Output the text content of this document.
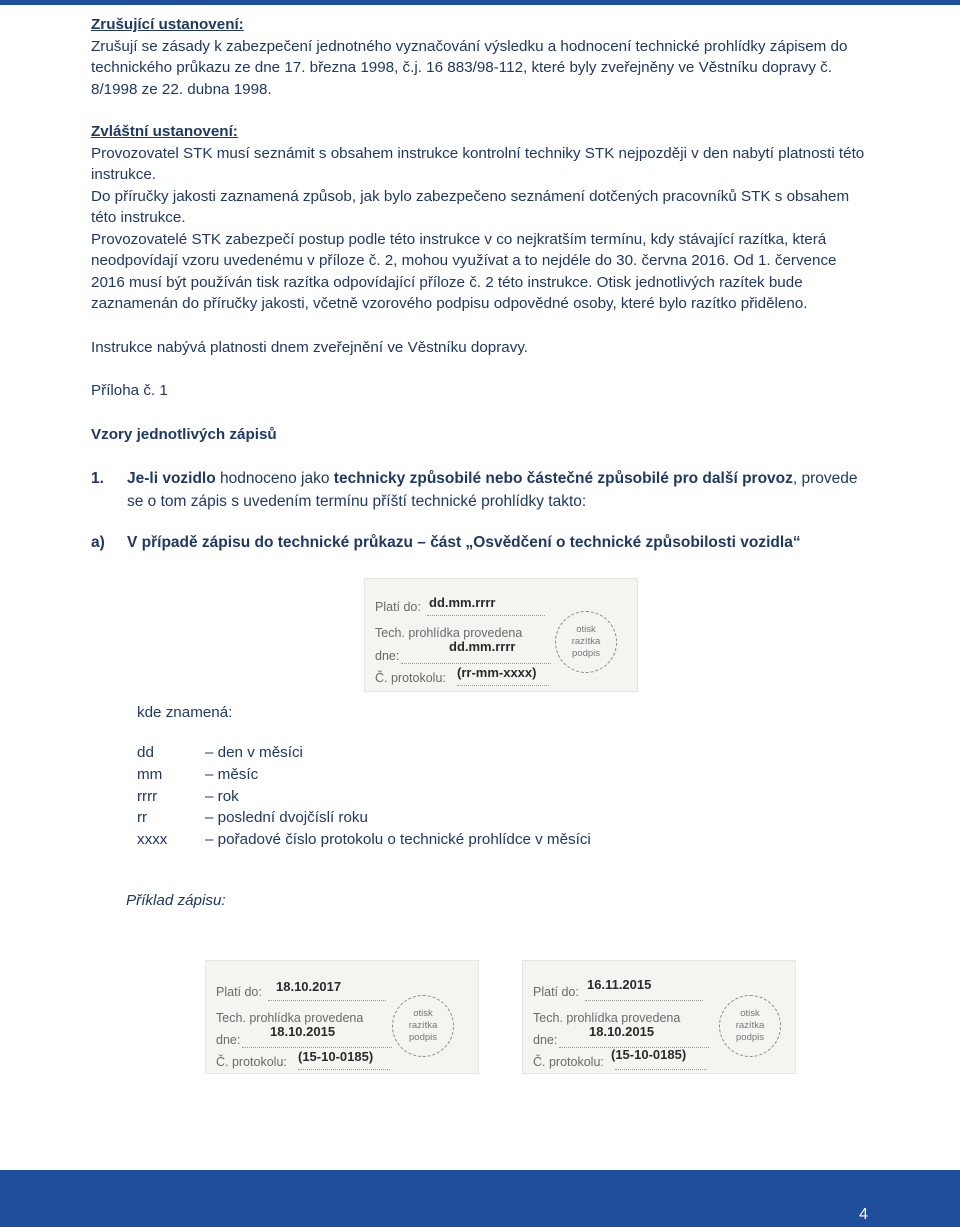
Zrušující ustanovení:

Zrušují se zásady k zabezpečení jednotného vyznačování výsledku a hodnocení technické prohlídky zápisem do technického průkazu ze dne 17. března 1998, č.j. 16 883/98-112, které byly zveřejněny ve Věstníku dopravy č. 8/1998 ze 22. dubna 1998.

Zvláštní ustanovení:

Provozovatel STK musí seznámit s obsahem instrukce kontrolní techniky STK nejpozději v den nabytí platnosti této instrukce.

Do příručky jakosti zaznamená způsob, jak bylo zabezpečeno seznámení dotčených pracovníků STK s obsahem této instrukce.

Provozovatelé STK zabezpečí postup podle této instrukce v co nejkratším termínu, kdy stávající razítka, která neodpovídají vzoru uvedenému v příloze č. 2, mohou využívat a to nejdéle do 30. června 2016. Od 1. července 2016 musí být používán tisk razítka odpovídající příloze č. 2 této instrukce. Otisk jednotlivých razítek bude zaznamenán do příručky jakosti, včetně vzorového podpisu odpovědné osoby, které bylo razítko přiděleno.

Instrukce nabývá platnosti dnem zveřejnění ve Věstníku dopravy.

Příloha č. 1

Vzory jednotlivých zápisů

1. Je-li vozidlo hodnoceno jako technicky způsobilé nebo částečné způsobilé pro další provoz, provede se o tom zápis s uvedením termínu příští technické prohlídky takto:
a) V případě zápisu do technické průkazu – část „Osvědčení o technické způsobilosti vozidla“
Platí do: dd.mm.rrrr
Tech. prohlídka provedena
dd.mm.rrrr
dne:
Č. protokolu: (rr-mm-xxxx)
otisk
razítka
podpis
kde znamená:
dd	– den v měsíci
mm	– měsíc
rrrr	– rok
rr	– poslední dvojčíslí roku
xxxx – pořadové číslo protokolu o technické prohlídce v měsíci
Příklad zápisu:
Platí do: 18.10.2017
Tech. prohlídka provedena
18.10.2015
dne:
Č. protokolu: (15-10-0185)
otisk
razítka
podpis
Platí do: 16.11.2015
Tech. prohlídka provedena
18.10.2015
dne:
Č. protokolu: (15-10-0185)
otisk
razítka
podpis
4
